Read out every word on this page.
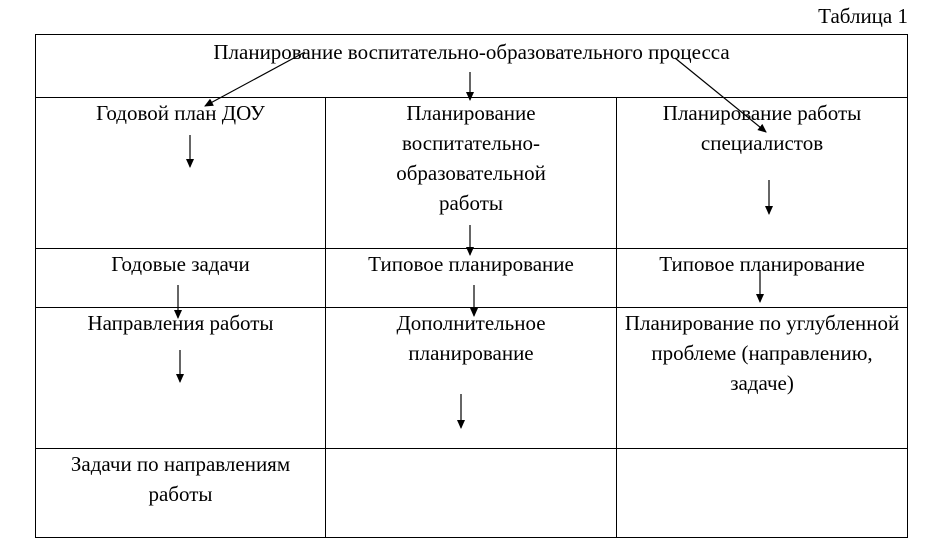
Таблица 1
Планирование воспитательно-образовательного процесса		

Годовой план ДОУ	Планирование воспитательно-образовательной работы	Планирование работы специалистов

Годовые задачи	Типовое планирование	Типовое планирование

Направления работы	Дополнительное планирование	Планирование по углубленной проблеме (направлению, задаче)

Задачи по направлениям работы		
